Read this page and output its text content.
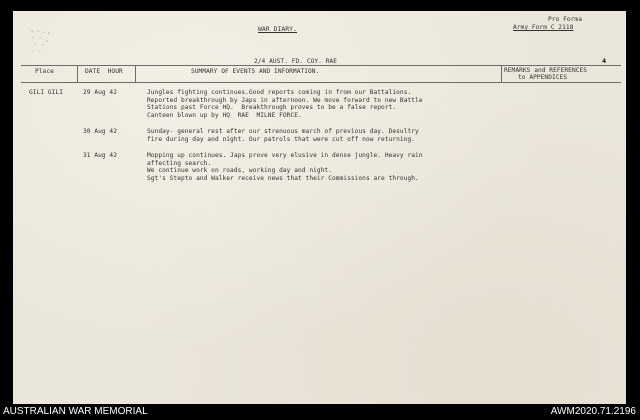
WAR DIARY.
Pro Forma
Army Form C 2118
4
2/4 AUST. FD. COY. RAE
Place	DATE  HOUR	SUMMARY OF EVENTS AND INFORMATION.	REMARKS and REFERENCES
to APPENDICES
GILI GILI	29 Aug 42	Jungles fighting continues.Good reports coming in from our Battalions.
Reported breakthrough by Japs in afternoon. We move forward to new Battle
Stations past Force HQ.  Breakthrough proves to be a false report.
Canteen blown up by HQ  RAE  MILNE FORCE.
30 Aug 42	Sunday- general rest after our strenuous march of previous day. Desultry
fire during day and night. Our patrols that were cut off now returning.
31 Aug 42	Mopping up continues. Japs prove very elusive in dense jungle. Heavy rain
affecting search.
We continue work on roads, working day and night.
Sgt's Stepto and Walker receive news that their Commissions are through.
AUSTRALIAN WAR MEMORIAL	AWM2020.71.2196
